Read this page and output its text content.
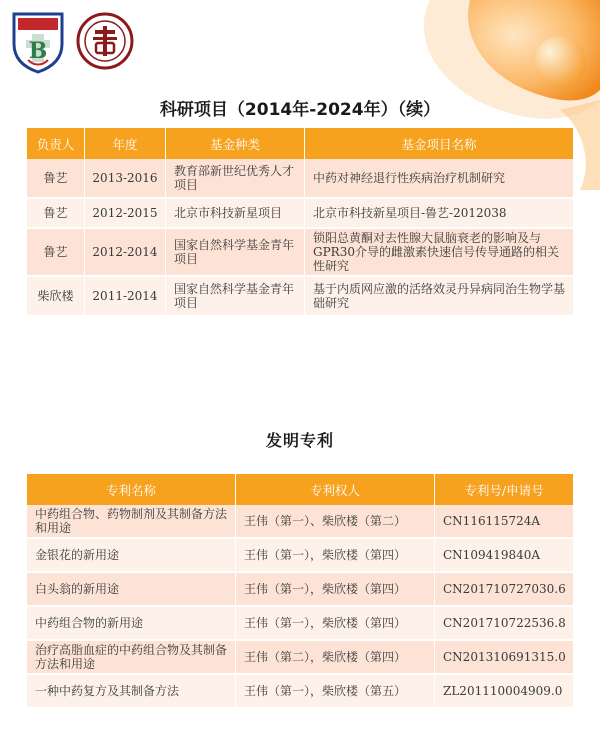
B
科研项目（2014年-2024年）（续）
负责人	年度	基金种类	基金项目名称
鲁艺	2013-2016	教育部新世纪优秀人才项目	中药对神经退行性疾病治疗机制研究
鲁艺	2012-2015	北京市科技新星项目	北京市科技新星项目-鲁艺-2012038
鲁艺	2012-2014	国家自然科学基金青年项目	锁阳总黄酮对去性腺大鼠脑衰老的影响及与GPR30介导的雌激素快速信号传导通路的相关性研究
柴欣楼	2011-2014	国家自然科学基金青年项目	基于内质网应激的活络效灵丹异病同治生物学基础研究
发明专利
专利名称	专利权人	专利号/申请号
中药组合物、药物制剂及其制备方法和用途	王伟（第一）、柴欣楼（第二）	CN116115724A
金银花的新用途	王伟（第一），柴欣楼（第四）	CN109419840A
白头翁的新用途	王伟（第一），柴欣楼（第四）	CN201710727030.6
中药组合物的新用途	王伟（第一），柴欣楼（第四）	CN201710722536.8
治疗高脂血症的中药组合物及其制备方法和用途	王伟（第二），柴欣楼（第四）	CN201310691315.0
一种中药复方及其制备方法	王伟（第一），柴欣楼（第五）	ZL201110004909.0
